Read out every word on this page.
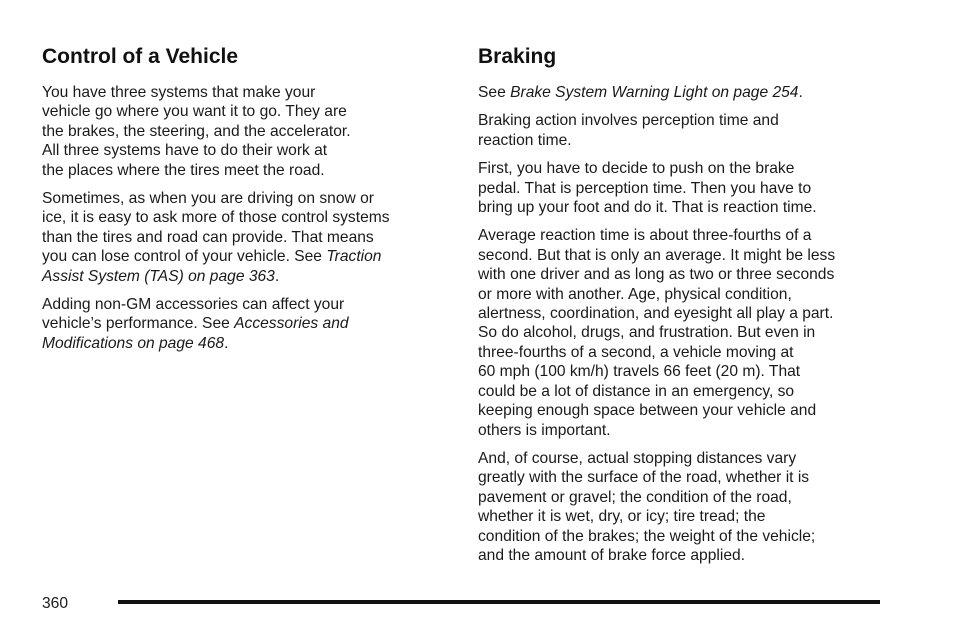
Control of a Vehicle

You have three systems that make your
vehicle go where you want it to go. They are
the brakes, the steering, and the accelerator.
All three systems have to do their work at
the places where the tires meet the road.

Sometimes, as when you are driving on snow or
ice, it is easy to ask more of those control systems
than the tires and road can provide. That means
you can lose control of your vehicle. See Traction
Assist System (TAS) on page 363.

Adding non-GM accessories can affect your
vehicle’s performance. See Accessories and
Modifications on page 468.

Braking

See Brake System Warning Light on page 254.

Braking action involves perception time and
reaction time.

First, you have to decide to push on the brake
pedal. That is perception time. Then you have to
bring up your foot and do it. That is reaction time.

Average reaction time is about three-fourths of a
second. But that is only an average. It might be less
with one driver and as long as two or three seconds
or more with another. Age, physical condition,
alertness, coordination, and eyesight all play a part.
So do alcohol, drugs, and frustration. But even in
three-fourths of a second, a vehicle moving at
60 mph (100 km/h) travels 66 feet (20 m). That
could be a lot of distance in an emergency, so
keeping enough space between your vehicle and
others is important.

And, of course, actual stopping distances vary
greatly with the surface of the road, whether it is
pavement or gravel; the condition of the road,
whether it is wet, dry, or icy; tire tread; the
condition of the brakes; the weight of the vehicle;
and the amount of brake force applied.

360
